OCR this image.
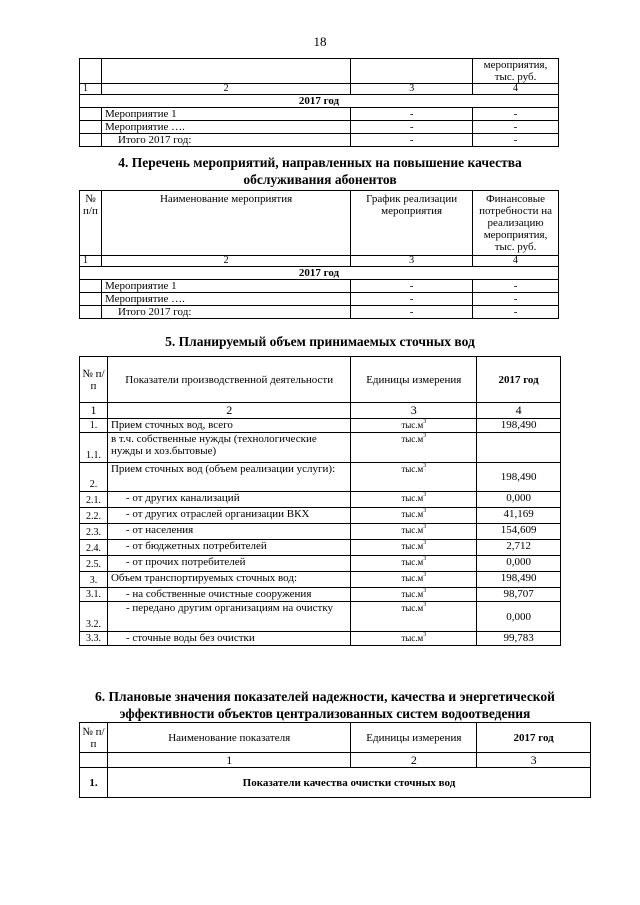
18
			мероприятия, тыс. руб.
1	2	3	4
2017 год			
	Мероприятие 1	-	-
	Мероприятие ….	-	-
	Итого 2017 год:	-	-
4. Перечень мероприятий, направленных на повышение качества
обслуживания абонентов
№ п/п	Наименование мероприятия	График реализации мероприятия	Финансовые потребности на реализацию мероприятия, тыс. руб.
1	2	3	4
2017 год			
	Мероприятие 1	-	-
	Мероприятие ….	-	-
	Итого 2017 год:	-	-
5. Планируемый объем принимаемых сточных вод
№ п/п	Показатели производственной деятельности	Единицы измерения	2017 год
1	2	3	4
1.	Прием сточных вод, всего	$тыс.м^3$	198,490
1.1.	в т.ч. собственные нужды (технологические нужды и хоз.бытовые)	$тыс.м^3$	
2.	Прием сточных вод (объем реализации услуги):	$тыс.м^3$	198,490
2.1.	- от других канализаций	$тыс.м^3$	0,000
2.2.	- от других отраслей организации ВКХ	$тыс.м^3$	41,169
2.3.	- от населения	$тыс.м^3$	154,609
2.4.	- от бюджетных потребителей	$тыс.м^3$	2,712
2.5.	- от прочих потребителей	$тыс.м^3$	0,000
3.	Объем транспортируемых сточных вод:	$тыс.м^3$	198,490
3.1.	- на собственные очистные сооружения	$тыс.м^3$	98,707
3.2.	- передано другим организациям на очистку	$тыс.м^3$	0,000
3.3.	- сточные воды без очистки	$тыс.м^3$	99,783
6. Плановые значения показателей надежности, качества и энергетической
эффективности объектов централизованных систем водоотведения
№ п/п	Наименование показателя	Единицы измерения	2017 год
	1	2	3
1.	Показатели качества очистки сточных вод		
